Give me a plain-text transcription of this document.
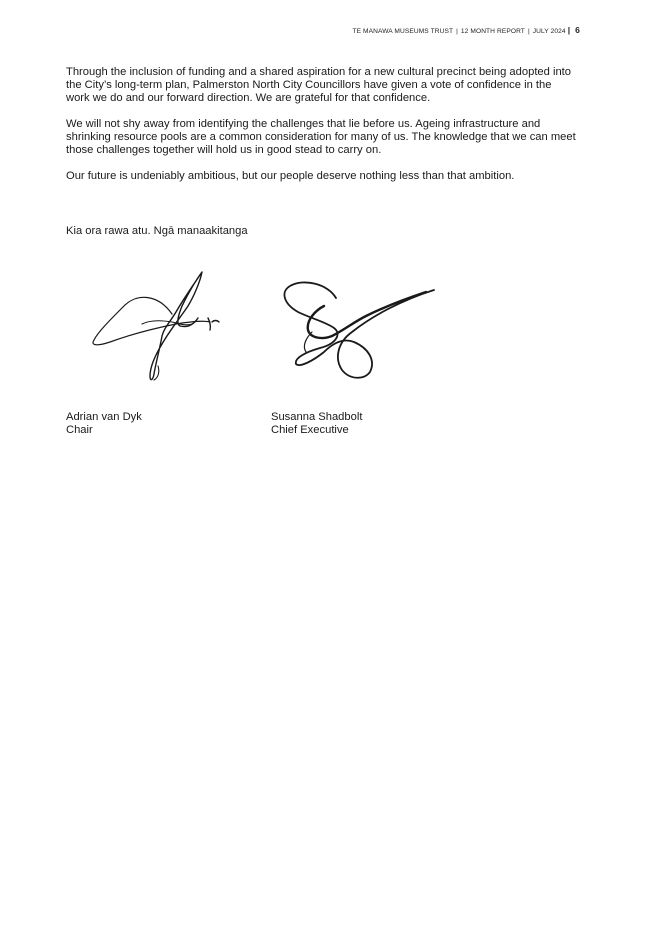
TE MANAWA MUSEUMS TRUST | 12 MONTH REPORT | JULY 2024 | 6

Through the inclusion of funding and a shared aspiration for a new cultural precinct being adopted into the City’s long-term plan, Palmerston North City Councillors have given a vote of confidence in the work we do and our forward direction. We are grateful for that confidence.

We will not shy away from identifying the challenges that lie before us. Ageing infrastructure and shrinking resource pools are a common consideration for many of us. The knowledge that we can meet those challenges together will hold us in good stead to carry on.

Our future is undeniably ambitious, but our people deserve nothing less than that ambition.

Kia ora rawa atu. Ngā manaakitanga
Adrian van Dyk
Chair
Susanna Shadbolt
Chief Executive
